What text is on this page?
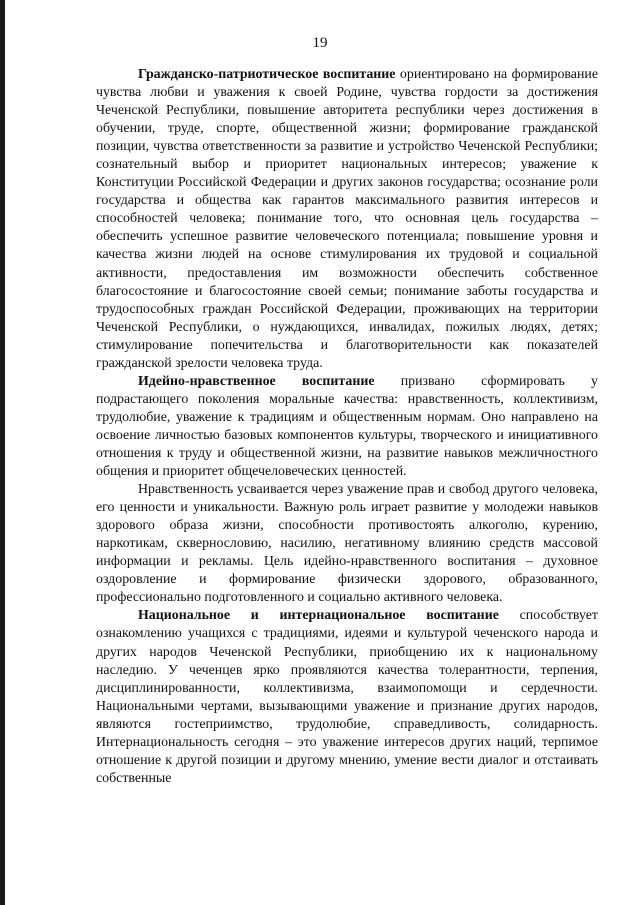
19

Гражданско-патриотическое воспитание ориентировано на формирование чувства любви и уважения к своей Родине, чувства гордости за достижения Чеченской Республики, повышение авторитета республики через достижения в обучении, труде, спорте, общественной жизни; формирование гражданской позиции, чувства ответственности за развитие и устройство Чеченской Республики; сознательный выбор и приоритет национальных интересов; уважение к Конституции Российской Федерации и других законов государства; осознание роли государства и общества как гарантов максимального развития интересов и способностей человека; понимание того, что основная цель государства – обеспечить успешное развитие человеческого потенциала; повышение уровня и качества жизни людей на основе стимулирования их трудовой и социальной активности, предоставления им возможности обеспечить собственное благосостояние и благосостояние своей семьи; понимание заботы государства и трудоспособных граждан Российской Федерации, проживающих на территории Чеченской Республики, о нуждающихся, инвалидах, пожилых людях, детях; стимулирование попечительства и благотворительности как показателей гражданской зрелости человека труда.

Идейно-нравственное воспитание призвано сформировать у подрастающего поколения моральные качества: нравственность, коллективизм, трудолюбие, уважение к традициям и общественным нормам. Оно направлено на освоение личностью базовых компонентов культуры, творческого и инициативного отношения к труду и общественной жизни, на развитие навыков межличностного общения и приоритет общечеловеческих ценностей.

Нравственность усваивается через уважение прав и свобод другого человека, его ценности и уникальности. Важную роль играет развитие у молодежи навыков здорового образа жизни, способности противостоять алкоголю, курению, наркотикам, сквернословию, насилию, негативному влиянию средств массовой информации и рекламы. Цель идейно-нравственного воспитания – духовное оздоровление и формирование физически здорового, образованного, профессионально подготовленного и социально активного человека.

Национальное и интернациональное воспитание способствует ознакомлению учащихся с традициями, идеями и культурой чеченского народа и других народов Чеченской Республики, приобщению их к национальному наследию. У чеченцев ярко проявляются качества толерантности, терпения, дисциплинированности, коллективизма, взаимопомощи и сердечности. Национальными чертами, вызывающими уважение и признание других народов, являются гостеприимство, трудолюбие, справедливость, солидарность. Интернациональность сегодня – это уважение интересов других наций, терпимое отношение к другой позиции и другому мнению, умение вести диалог и отстаивать собственные
